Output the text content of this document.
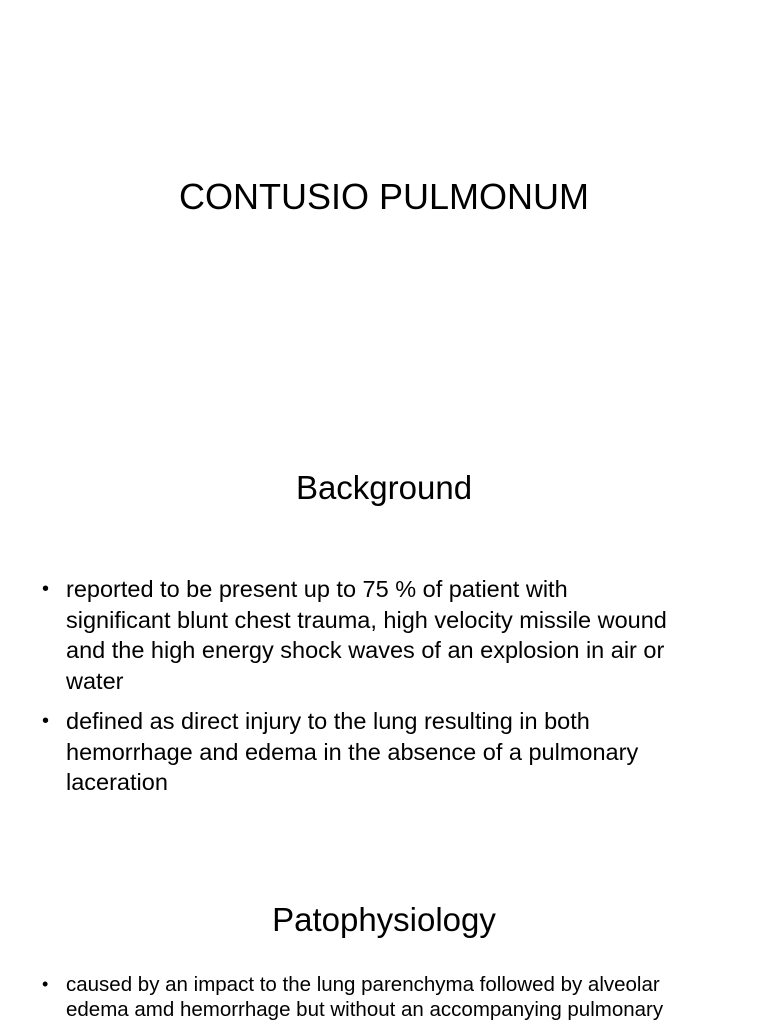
CONTUSIO PULMONUM
Background
• reported to be present up to 75 % of patient with
significant blunt chest trauma, high velocity missile wound
and the high energy shock waves of an explosion in air or
water
• defined as direct injury to the lung resulting in both
hemorrhage and edema in the absence of a pulmonary
laceration
Patophysiology
• caused by an impact to the lung parenchyma followed by alveolar
edema amd hemorrhage but without an accompanying pulmonary
